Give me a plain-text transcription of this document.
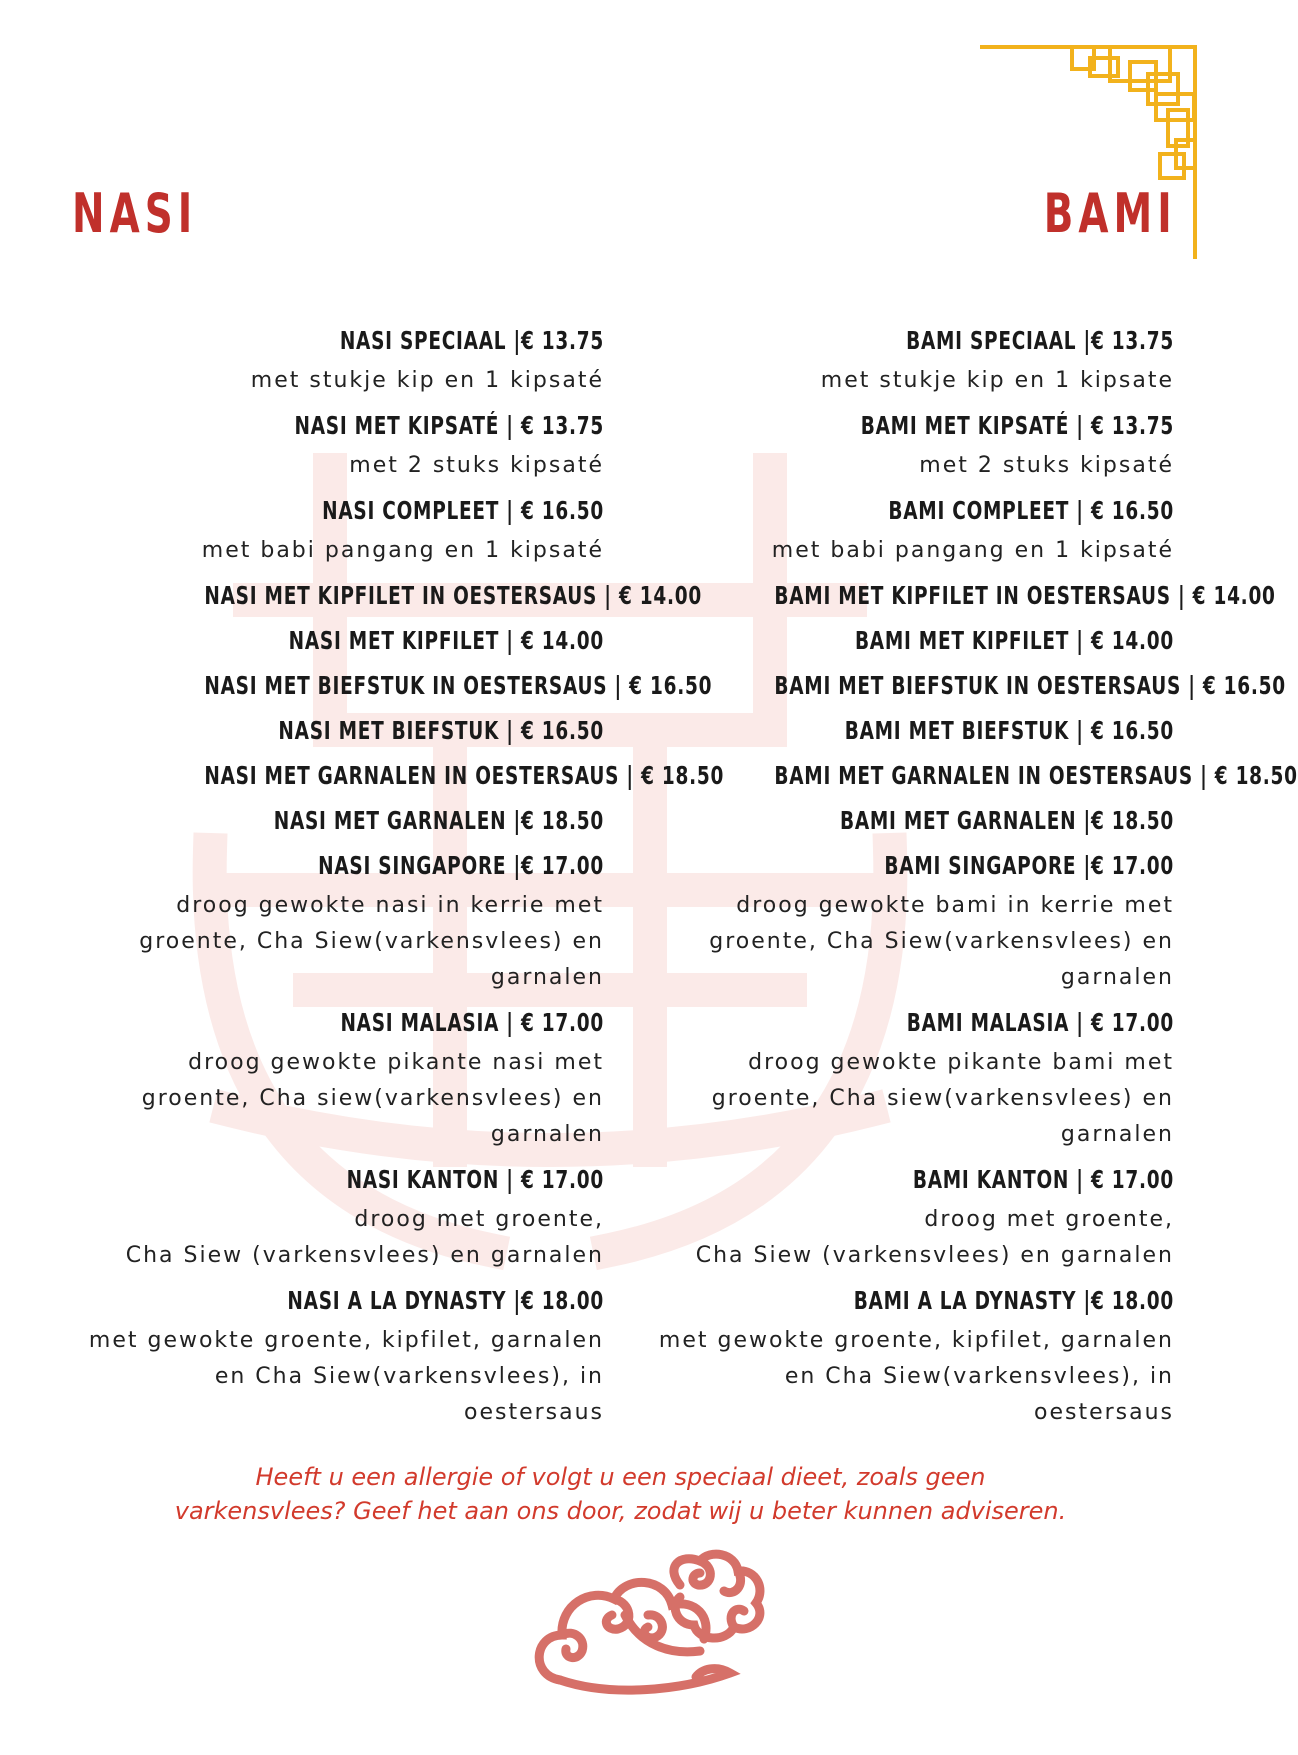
NASI	BAMI
NASI SPECIAAL |€ 13.75
met stukje kip en 1 kipsaté
NASI MET KIPSATÉ | € 13.75
met 2 stuks kipsaté
NASI COMPLEET | € 16.50
met babi pangang en 1 kipsaté
NASI MET KIPFILET IN OESTERSAUS | € 14.00
NASI MET KIPFILET | € 14.00
NASI MET BIEFSTUK IN OESTERSAUS | € 16.50
NASI MET BIEFSTUK | € 16.50
NASI MET GARNALEN IN OESTERSAUS | € 18.50
NASI MET GARNALEN |€ 18.50
NASI SINGAPORE |€ 17.00
droog gewokte nasi in kerrie met
groente, Cha Siew(varkensvlees) en
garnalen
NASI MALASIA | € 17.00
droog gewokte pikante nasi met
groente, Cha siew(varkensvlees) en
garnalen
NASI KANTON | € 17.00
droog met groente,
Cha Siew (varkensvlees) en garnalen
NASI A LA DYNASTY |€ 18.00
met gewokte groente, kipfilet, garnalen
en Cha Siew(varkensvlees), in
oestersaus
BAMI SPECIAAL |€ 13.75
met stukje kip en 1 kipsate
BAMI MET KIPSATÉ | € 13.75
met 2 stuks kipsaté
BAMI COMPLEET | € 16.50
met babi pangang en 1 kipsaté
BAMI MET KIPFILET IN OESTERSAUS | € 14.00
BAMI MET KIPFILET | € 14.00
BAMI MET BIEFSTUK IN OESTERSAUS | € 16.50
BAMI MET BIEFSTUK | € 16.50
BAMI MET GARNALEN IN OESTERSAUS | € 18.50
BAMI MET GARNALEN |€ 18.50
BAMI SINGAPORE |€ 17.00
droog gewokte bami in kerrie met
groente, Cha Siew(varkensvlees) en
garnalen
BAMI MALASIA | € 17.00
droog gewokte pikante bami met
groente, Cha siew(varkensvlees) en
garnalen
BAMI KANTON | € 17.00
droog met groente,
Cha Siew (varkensvlees) en garnalen
BAMI A LA DYNASTY |€ 18.00
met gewokte groente, kipfilet, garnalen
en Cha Siew(varkensvlees), in
oestersaus
Heeft u een allergie of volgt u een speciaal dieet, zoals geen
varkensvlees? Geef het aan ons door, zodat wij u beter kunnen adviseren.
